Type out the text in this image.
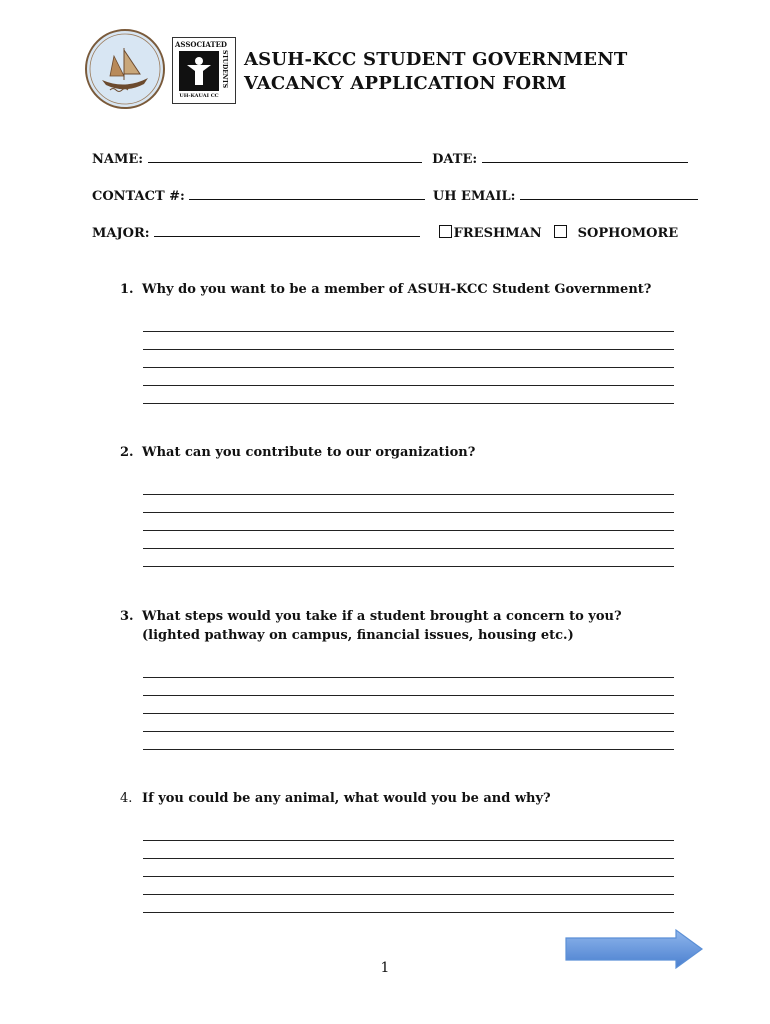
ASSOCIATED
STUDENTS
UH-KAUAI CC
ASUH-KCC STUDENT GOVERNMENT
VACANCY APPLICATION FORM
NAME:	DATE:
CONTACT #:	UH EMAIL:
MAJOR:	FRESHMAN	SOPHOMORE
1. Why do you want to be a member of ASUH-KCC Student Government?
2. What can you contribute to our organization?
3. What steps would you take if a student brought a concern to you? (lighted pathway on campus, financial issues, housing etc.)
4. If you could be any animal, what would you be and why?
1
